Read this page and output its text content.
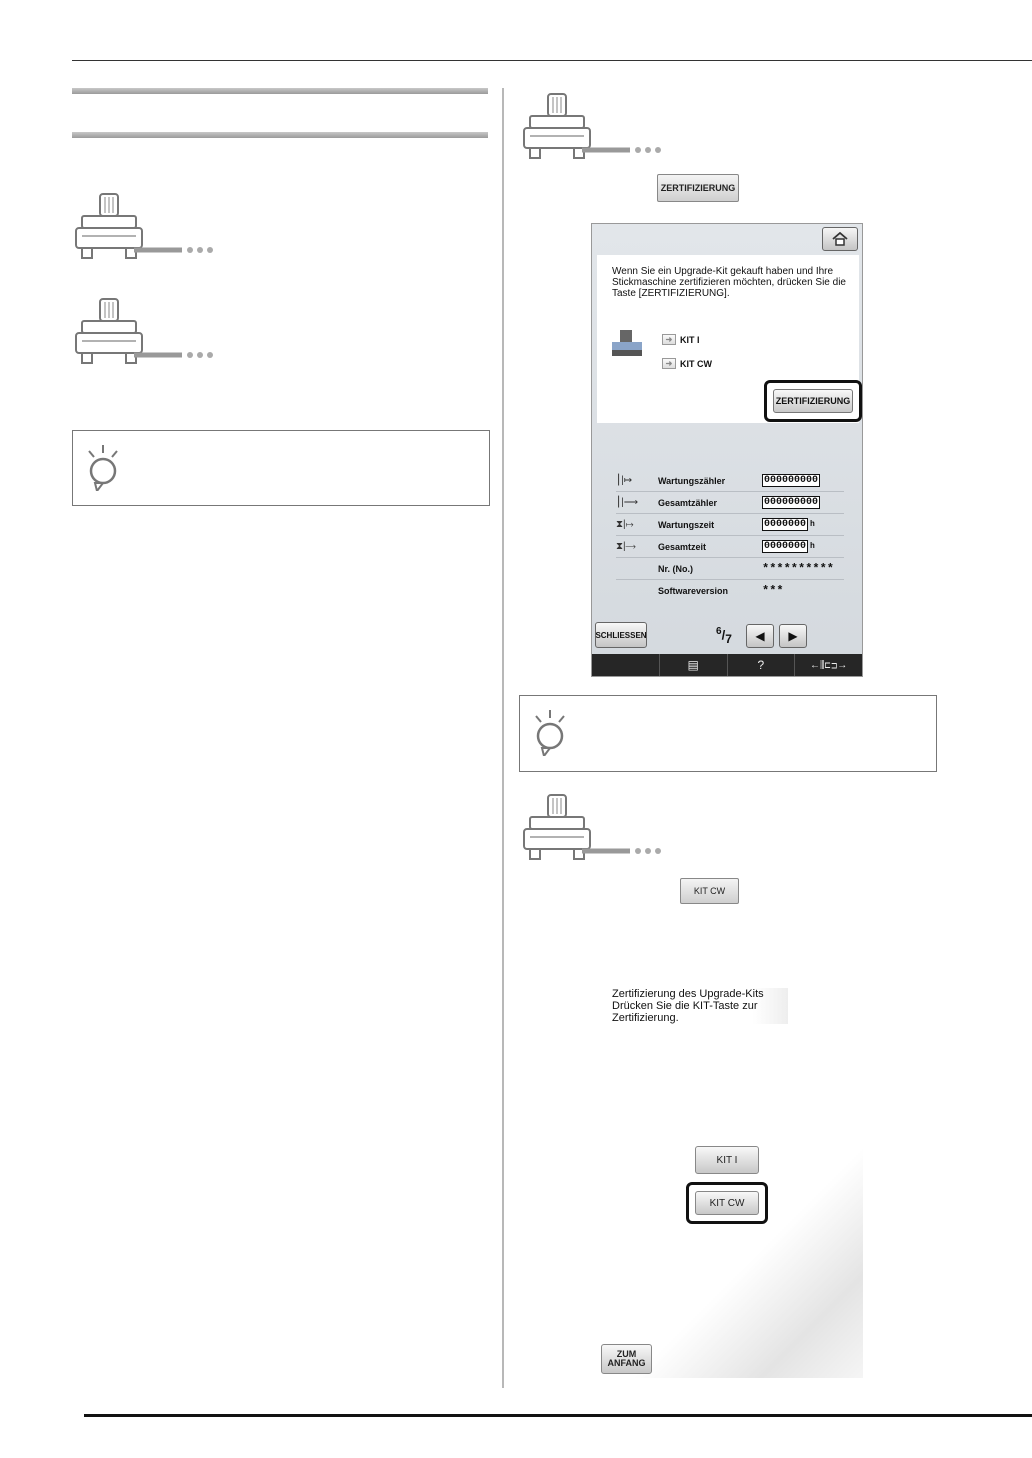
ZERTIFIZIERUNG
Wenn Sie ein Upgrade-Kit gekauft haben und Ihre Stickmaschine zertifizieren möchten, drücken Sie die Taste [ZERTIFIZIERUNG].
➜ KIT I
➜ KIT CW
ZERTIFIZIERUNG
⎮|↦	Wartungszähler	000000000
⎮|⟶	Gesamtzähler	000000000
⧗|↦	Wartungszeit	0000000 h
⧗|⟶	Gesamtzeit	0000000 h
Nr. (No.)	**********
Softwareversion	***
SCHLIESSEN	$^6/_7$ ◀ ▶
▤	?	←⫼⊏⊐→
KIT CW
Zertifizierung des Upgrade-Kits Drücken Sie die KIT-Taste zur Zertifizierung.
KIT I
KIT CW
ZUM
ANFANG
